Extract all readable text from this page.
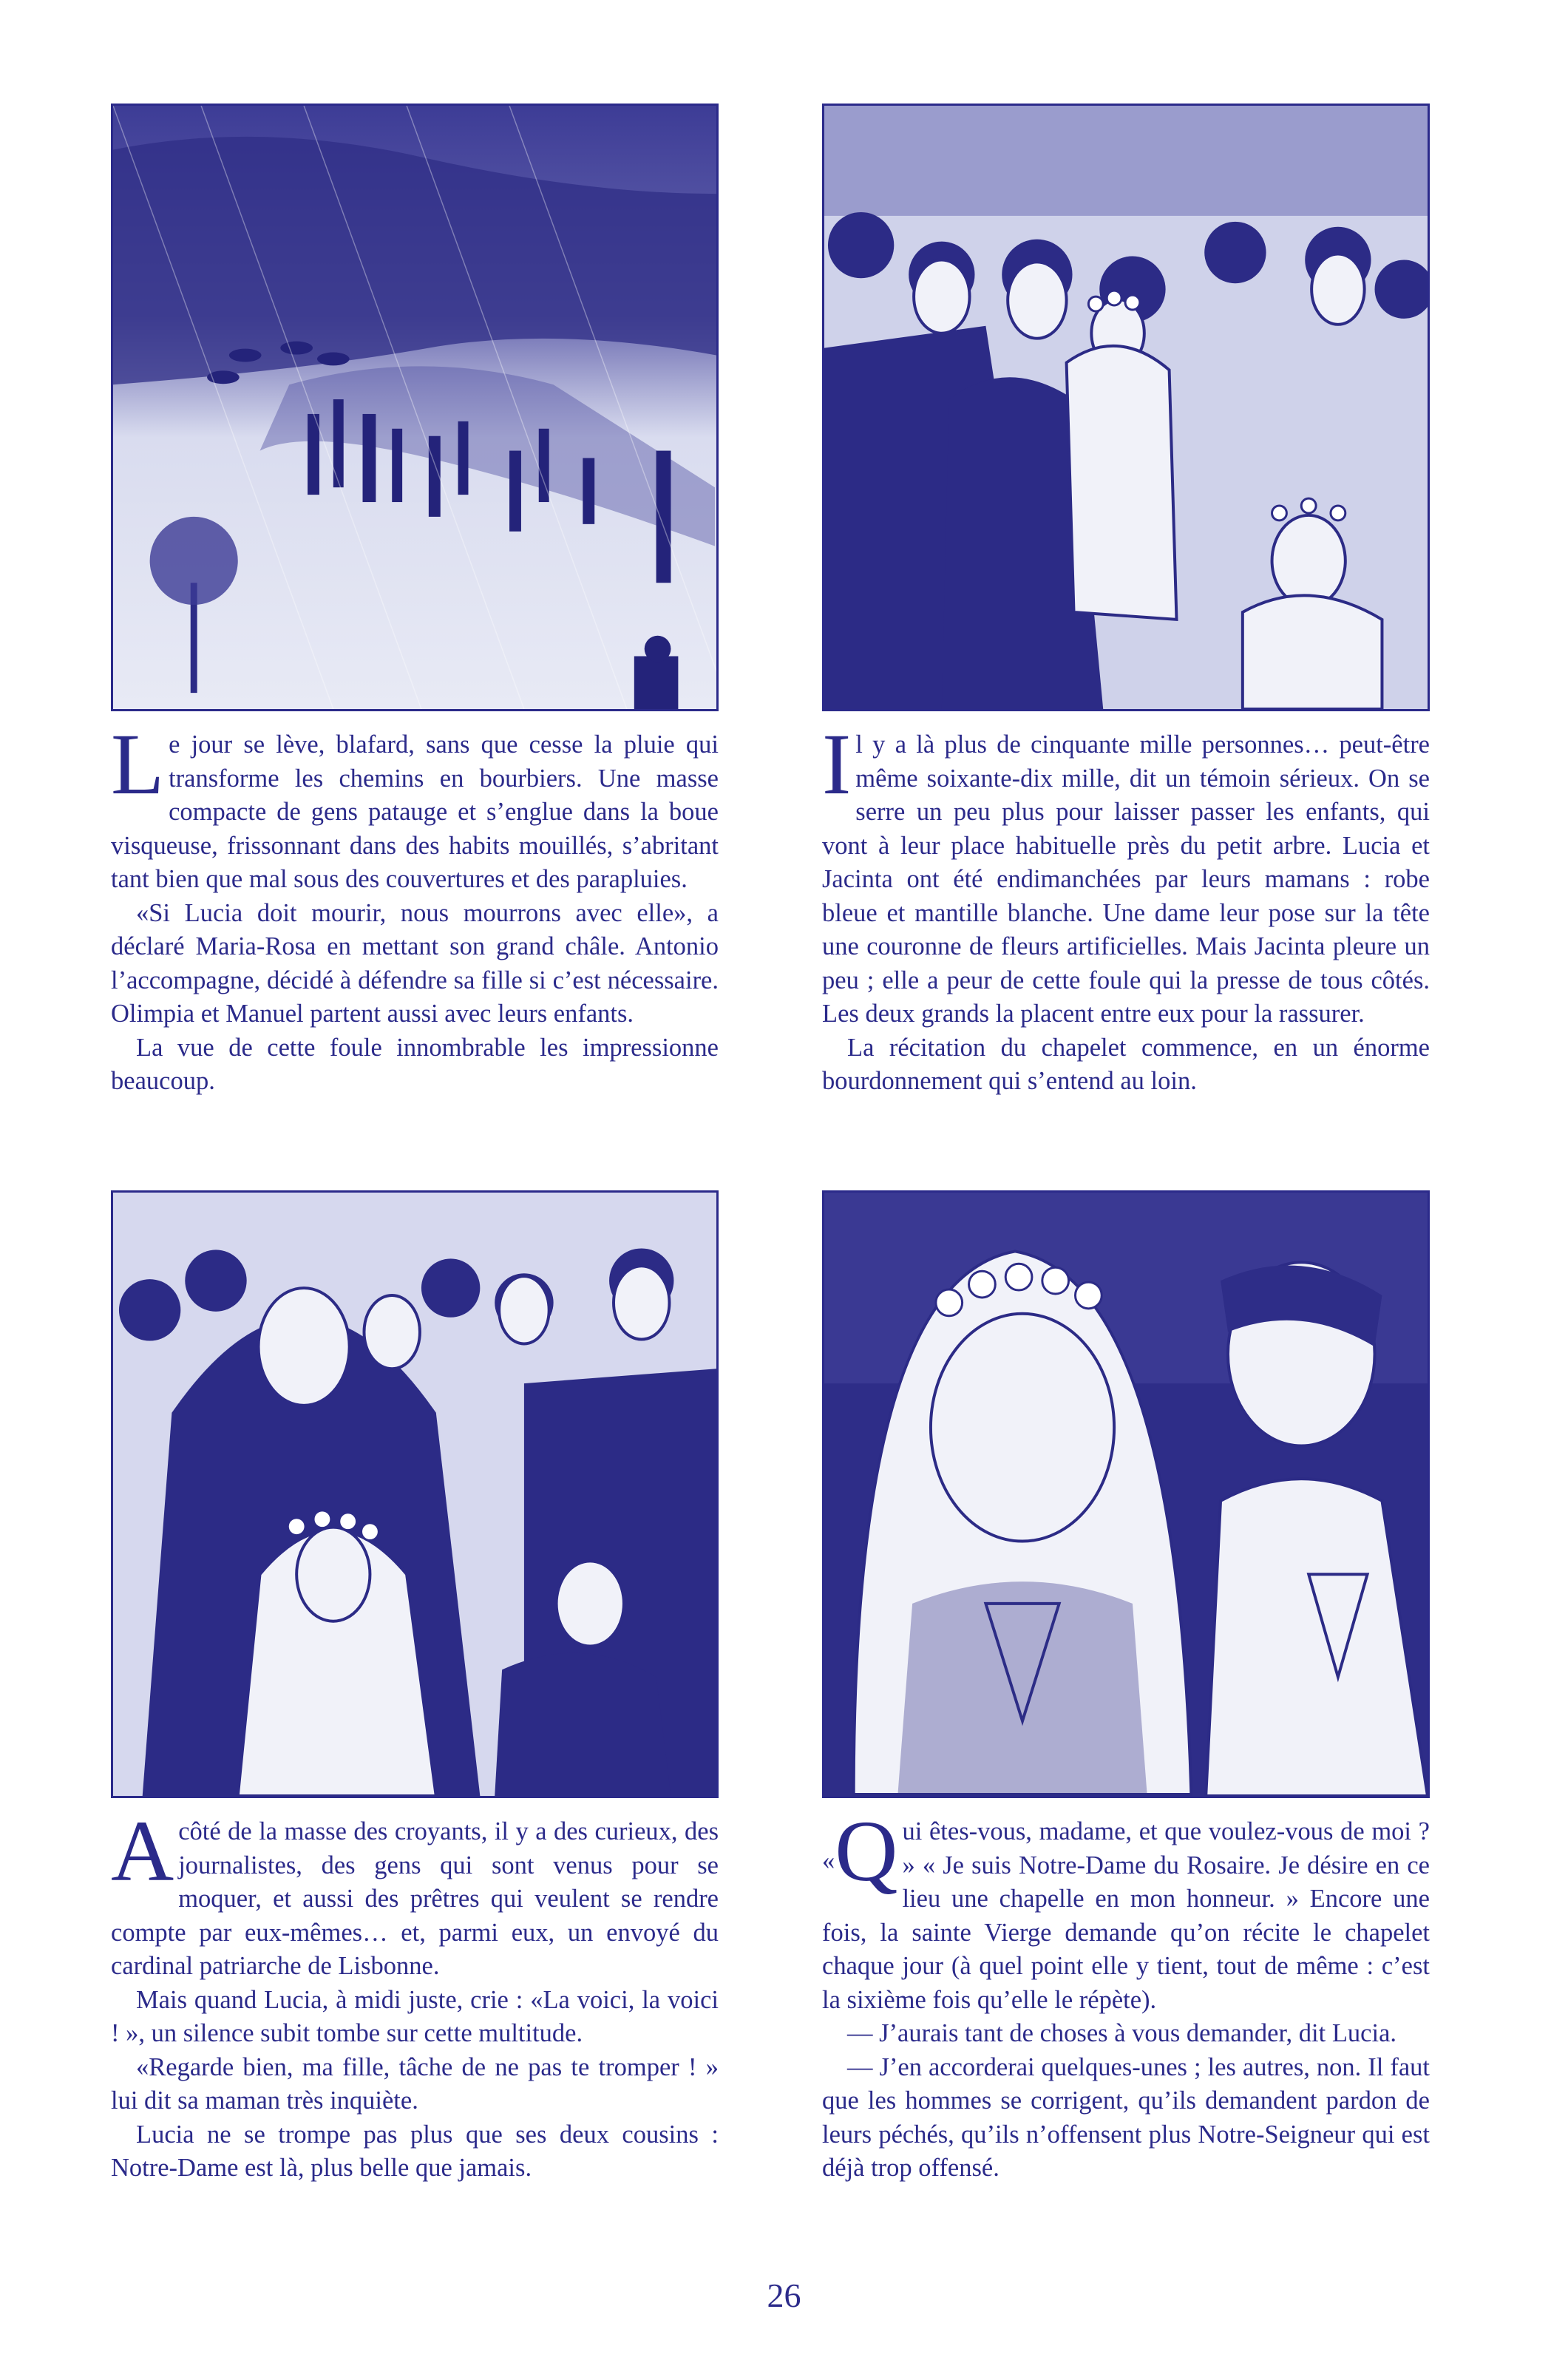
Le jour se lève, blafard, sans que cesse la pluie qui transforme les chemins en bourbiers. Une masse compacte de gens patauge et s’englue dans la boue visqueuse, frissonnant dans des habits mouillés, s’abritant tant bien que mal sous des couvertures et des parapluies.

«Si Lucia doit mourir, nous mourrons avec elle», a déclaré Maria-Rosa en mettant son grand châle. Antonio l’accompagne, décidé à défendre sa fille si c’est nécessaire. Olimpia et Manuel partent aussi avec leurs enfants.

La vue de cette foule innombrable les impressionne beaucoup.

Il y a là plus de cinquante mille personnes… peut-être même soixante-dix mille, dit un témoin sérieux. On se serre un peu plus pour laisser passer les enfants, qui vont à leur place habituelle près du petit arbre. Lucia et Jacinta ont été endimanchées par leurs mamans : robe bleue et mantille blanche. Une dame leur pose sur la tête une couronne de fleurs artificielles. Mais Jacinta pleure un peu ; elle a peur de cette foule qui la presse de tous côtés. Les deux grands la placent entre eux pour la rassurer.

La récitation du chapelet commence, en un énorme bourdonnement qui s’entend au loin.

Acôté de la masse des croyants, il y a des curieux, des journalistes, des gens qui sont venus pour se moquer, et aussi des prêtres qui veulent se rendre compte par eux-mêmes… et, parmi eux, un envoyé du cardinal patriarche de Lisbonne.

Mais quand Lucia, à midi juste, crie : «La voici, la voici ! », un silence subit tombe sur cette multitude.

«Regarde bien, ma fille, tâche de ne pas te tromper ! » lui dit sa maman très inquiète.

Lucia ne se trompe pas plus que ses deux cousins : Notre-Dame est là, plus belle que jamais.

« Q ui êtes-vous, madame, et que voulez-vous de moi ? » « Je suis Notre-Dame du Rosaire. Je désire en ce lieu une chapelle en mon honneur. » Encore une fois, la sainte Vierge demande qu’on récite le chapelet chaque jour (à quel point elle y tient, tout de même : c’est la sixième fois qu’elle le répète).

— J’aurais tant de choses à vous demander, dit Lucia.

— J’en accorderai quelques-unes ; les autres, non. Il faut que les hommes se corrigent, qu’ils demandent pardon de leurs péchés, qu’ils n’offensent plus Notre-Seigneur qui est déjà trop offensé.

26
